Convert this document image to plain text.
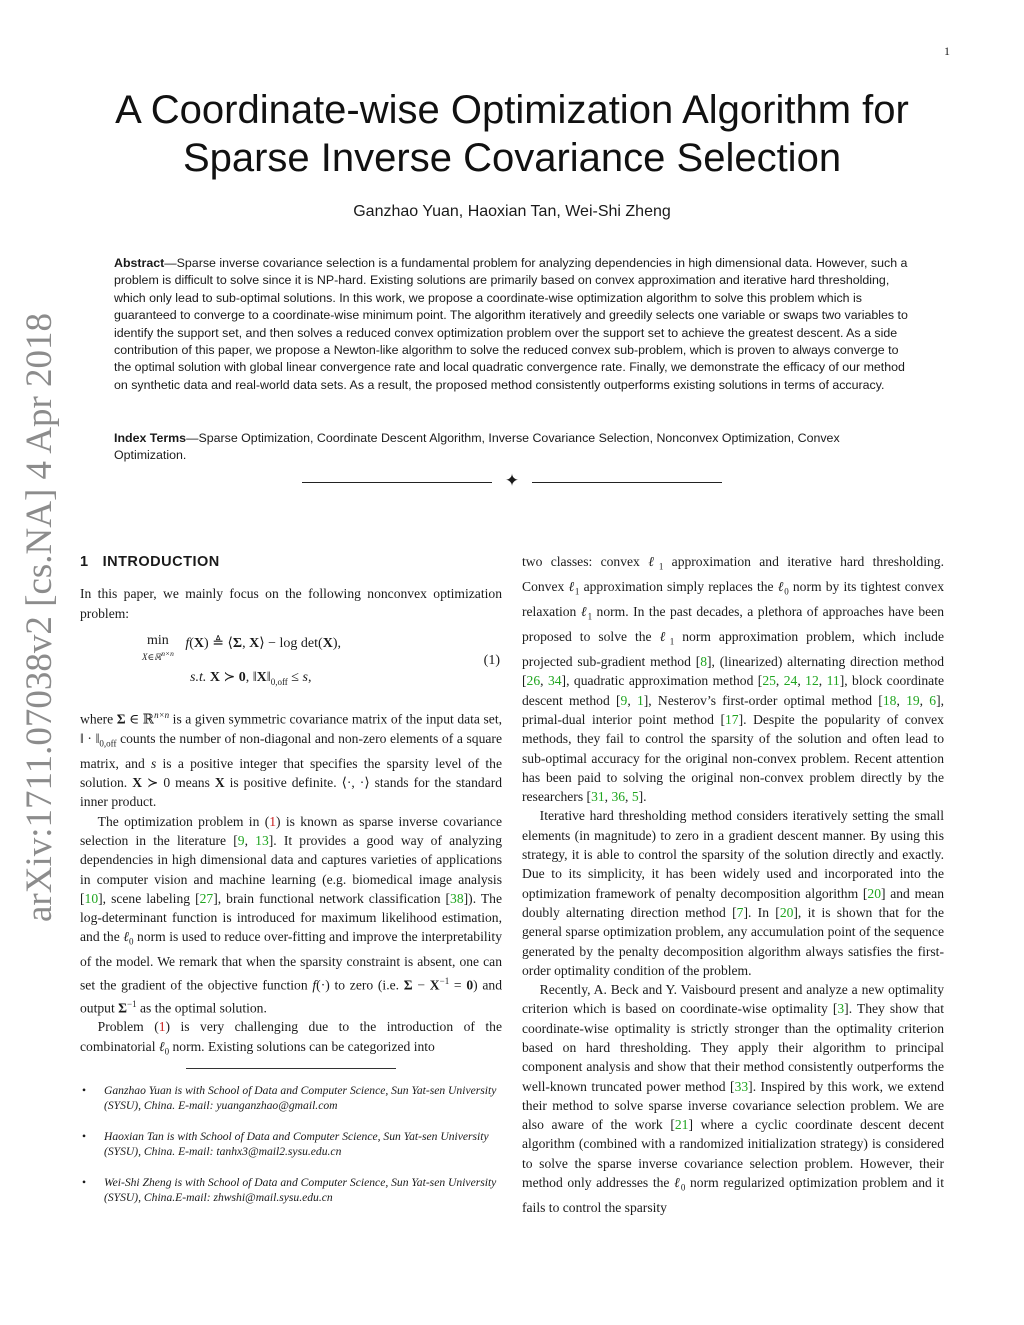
1
arXiv:1711.07038v2 [cs.NA] 4 Apr 2018
A Coordinate-wise Optimization Algorithm for
Sparse Inverse Covariance Selection
Ganzhao Yuan, Haoxian Tan, Wei-Shi Zheng
Abstract—Sparse inverse covariance selection is a fundamental problem for analyzing dependencies in high dimensional data. However, such a problem is difficult to solve since it is NP-hard. Existing solutions are primarily based on convex approximation and iterative hard thresholding, which only lead to sub-optimal solutions. In this work, we propose a coordinate-wise optimization algorithm to solve this problem which is guaranteed to converge to a coordinate-wise minimum point. The algorithm iteratively and greedily selects one variable or swaps two variables to identify the support set, and then solves a reduced convex optimization problem over the support set to achieve the greatest descent. As a side contribution of this paper, we propose a Newton-like algorithm to solve the reduced convex sub-problem, which is proven to always converge to the optimal solution with global linear convergence rate and local quadratic convergence rate. Finally, we demonstrate the efficacy of our method on synthetic data and real-world data sets. As a result, the proposed method consistently outperforms existing solutions in terms of accuracy.
Index Terms—Sparse Optimization, Coordinate Descent Algorithm, Inverse Covariance Selection, Nonconvex Optimization, Convex Optimization.
✦
1 INTRODUCTION

In this paper, we mainly focus on the following nonconvex optimization problem:

min
X∈ℝ$^{n\times n}$
f(X) ≜ ⟨Σ, X⟩ − log det(X),
s.t. X ≻ 0, $‖X‖_{0,off} \le s$,
(1)

where Σ ∈ ℝ$^{n\times n}$ is a given symmetric covariance matrix of the input data set, ‖ · $‖_{0,off}$ counts the number of non-diagonal and non-zero elements of a square matrix, and s is a positive integer that specifies the sparsity level of the solution. X ≻ 0 means X is positive definite. ⟨·, ·⟩ stands for the standard inner product.

The optimization problem in (1) is known as sparse inverse covariance selection in the literature [9, 13]. It provides a good way of analyzing dependencies in high dimensional data and captures varieties of applications in computer vision and machine learning (e.g. biomedical image analysis [10], scene labeling [27], brain functional network classification [38]). The log-determinant function is introduced for maximum likelihood estimation, and the ℓ$_0$ norm is used to reduce over-fitting and improve the interpretability of the model. We remark that when the sparsity constraint is absent, one can set the gradient of the objective function f(·) to zero (i.e. $\Sigma - X^{-1} = 0$) and output $\Sigma^{-1}$ as the optimal solution.

Problem (1) is very challenging due to the introduction of the combinatorial ℓ$_0$ norm. Existing solutions can be categorized into

• Ganzhao Yuan is with School of Data and Computer Science, Sun Yat-sen University (SYSU), China. E-mail: yuanganzhao@gmail.com
• Haoxian Tan is with School of Data and Computer Science, Sun Yat-sen University (SYSU), China. E-mail: tanhx3@mail2.sysu.edu.cn
• Wei-Shi Zheng is with School of Data and Computer Science, Sun Yat-sen University (SYSU), China.E-mail: zhwshi@mail.sysu.edu.cn

two classes: convex ℓ$_1$ approximation and iterative hard thresholding. Convex ℓ$_1$ approximation simply replaces the ℓ$_0$ norm by its tightest convex relaxation ℓ$_1$ norm. In the past decades, a plethora of approaches have been proposed to solve the ℓ$_1$ norm approximation problem, which include projected sub-gradient method [8], (linearized) alternating direction method [26, 34], quadratic approximation method [25, 24, 12, 11], block coordinate descent method [9, 1], Nesterov’s first-order optimal method [18, 19, 6], primal-dual interior point method [17]. Despite the popularity of convex methods, they fail to control the sparsity of the solution and often lead to sub-optimal accuracy for the original non-convex problem. Recent attention has been paid to solving the original non-convex problem directly by the researchers [31, 36, 5].

Iterative hard thresholding method considers iteratively setting the small elements (in magnitude) to zero in a gradient descent manner. By using this strategy, it is able to control the sparsity of the solution directly and exactly. Due to its simplicity, it has been widely used and incorporated into the optimization framework of penalty decomposition algorithm [20] and mean doubly alternating direction method [7]. In [20], it is shown that for the general sparse optimization problem, any accumulation point of the sequence generated by the penalty decomposition algorithm always satisfies the first-order optimality condition of the problem.

Recently, A. Beck and Y. Vaisbourd present and analyze a new optimality criterion which is based on coordinate-wise optimality [3]. They show that coordinate-wise optimality is strictly stronger than the optimality criterion based on hard thresholding. They apply their algorithm to principal component analysis and show that their method consistently outperforms the well-known truncated power method [33]. Inspired by this work, we extend their method to solve sparse inverse covariance selection problem. We are also aware of the work [21] where a cyclic coordinate descent decent algorithm (combined with a randomized initialization strategy) is considered to solve the sparse inverse covariance selection problem. However, their method only addresses the ℓ$_0$ norm regularized optimization problem and it fails to control the sparsity
